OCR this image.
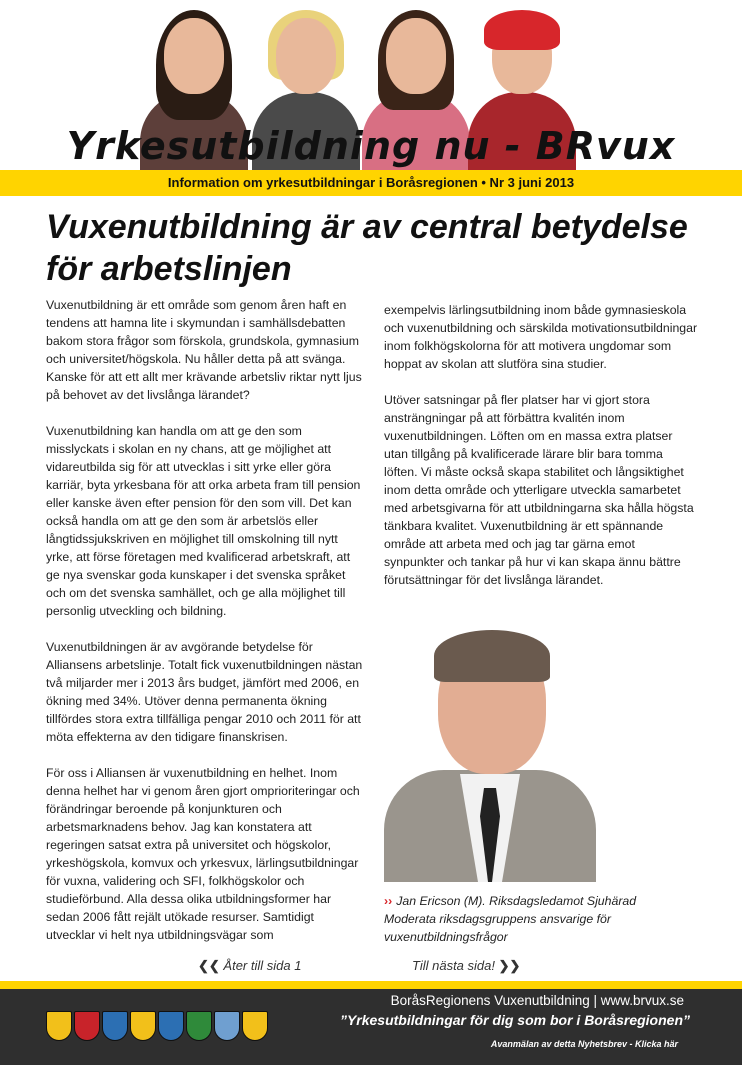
Yrkesutbildning nu - BRvux
Information om yrkesutbildningar i Boråsregionen • Nr 3 juni 2013
Vuxenutbildning är av central betydelse för arbetslinjen

Vuxenutbildning är ett område som genom åren haft en tendens att hamna lite i skymundan i samhällsdebatten bakom stora frågor som förskola, grundskola, gymnasium och universitet/högskola. Nu håller detta på att svänga. Kanske för att ett allt mer krävande arbetsliv riktar nytt ljus på behovet av det livslånga lärandet?

Vuxenutbildning kan handla om att ge den som misslyckats i skolan en ny chans, att ge möjlighet att vidareutbilda sig för att utvecklas i sitt yrke eller göra karriär, byta yrkesbana för att orka arbeta fram till pension eller kanske även efter pension för den som vill. Det kan också handla om att ge den som är arbetslös eller långtidssjukskriven en möjlighet till omskolning till nytt yrke, att förse företagen med kvalificerad arbetskraft, att ge nya svenskar goda kunskaper i det svenska språket och om det svenska samhället, och ge alla möjlighet till personlig utveckling och bildning.

Vuxenutbildningen är av avgörande betydelse för Alliansens arbetslinje. Totalt fick vuxenutbildningen nästan två miljarder mer i 2013 års budget, jämfört med 2006, en ökning med 34%. Utöver denna permanenta ökning tillfördes stora extra tillfälliga pengar 2010 och 2011 för att möta effekterna av den tidigare finanskrisen.

För oss i Alliansen är vuxenutbildning en helhet. Inom denna helhet har vi genom åren gjort omprioriteringar och förändringar beroende på konjunkturen och arbetsmarknadens behov. Jag kan konstatera att regeringen satsat extra på universitet och högskolor, yrkeshögskola, komvux och yrkesvux, lärlingsutbildningar för vuxna, validering och SFI, folkhögskolor och studieförbund. Alla dessa olika utbildningsformer har sedan 2006 fått rejält utökade resurser. Samtidigt utvecklar vi helt nya utbildningsvägar som

exempelvis lärlingsutbildning inom både gymnasieskola och vuxenutbildning och särskilda motivationsutbildningar inom folkhögskolorna för att motivera ungdomar som hoppat av skolan att slutföra sina studier.

Utöver satsningar på fler platser har vi gjort stora ansträngningar på att förbättra kvalitén inom vuxenutbildningen. Löften om en massa extra platser utan tillgång på kvalificerade lärare blir bara tomma löften. Vi måste också skapa stabilitet och långsiktighet inom detta område och ytterligare utveckla samarbetet med arbetsgivarna för att utbildningarna ska hålla högsta tänkbara kvalitet. Vuxenutbildning är ett spännande område att arbeta med och jag tar gärna emot synpunkter och tankar på hur vi kan skapa ännu bättre förutsättningar för det livslånga lärandet.

›› Jan Ericson (M). Riksdagsledamot Sjuhärad Moderata riksdagsgruppens ansvarige för vuxenutbildningsfrågor
❮❮ Åter till sida 1	Till nästa sida! ❯❯
BoråsRegionens Vuxenutbildning | www.brvux.se
”Yrkesutbildningar för dig som bor i Boråsregionen”
Avanmälan av detta Nyhetsbrev - Klicka här
